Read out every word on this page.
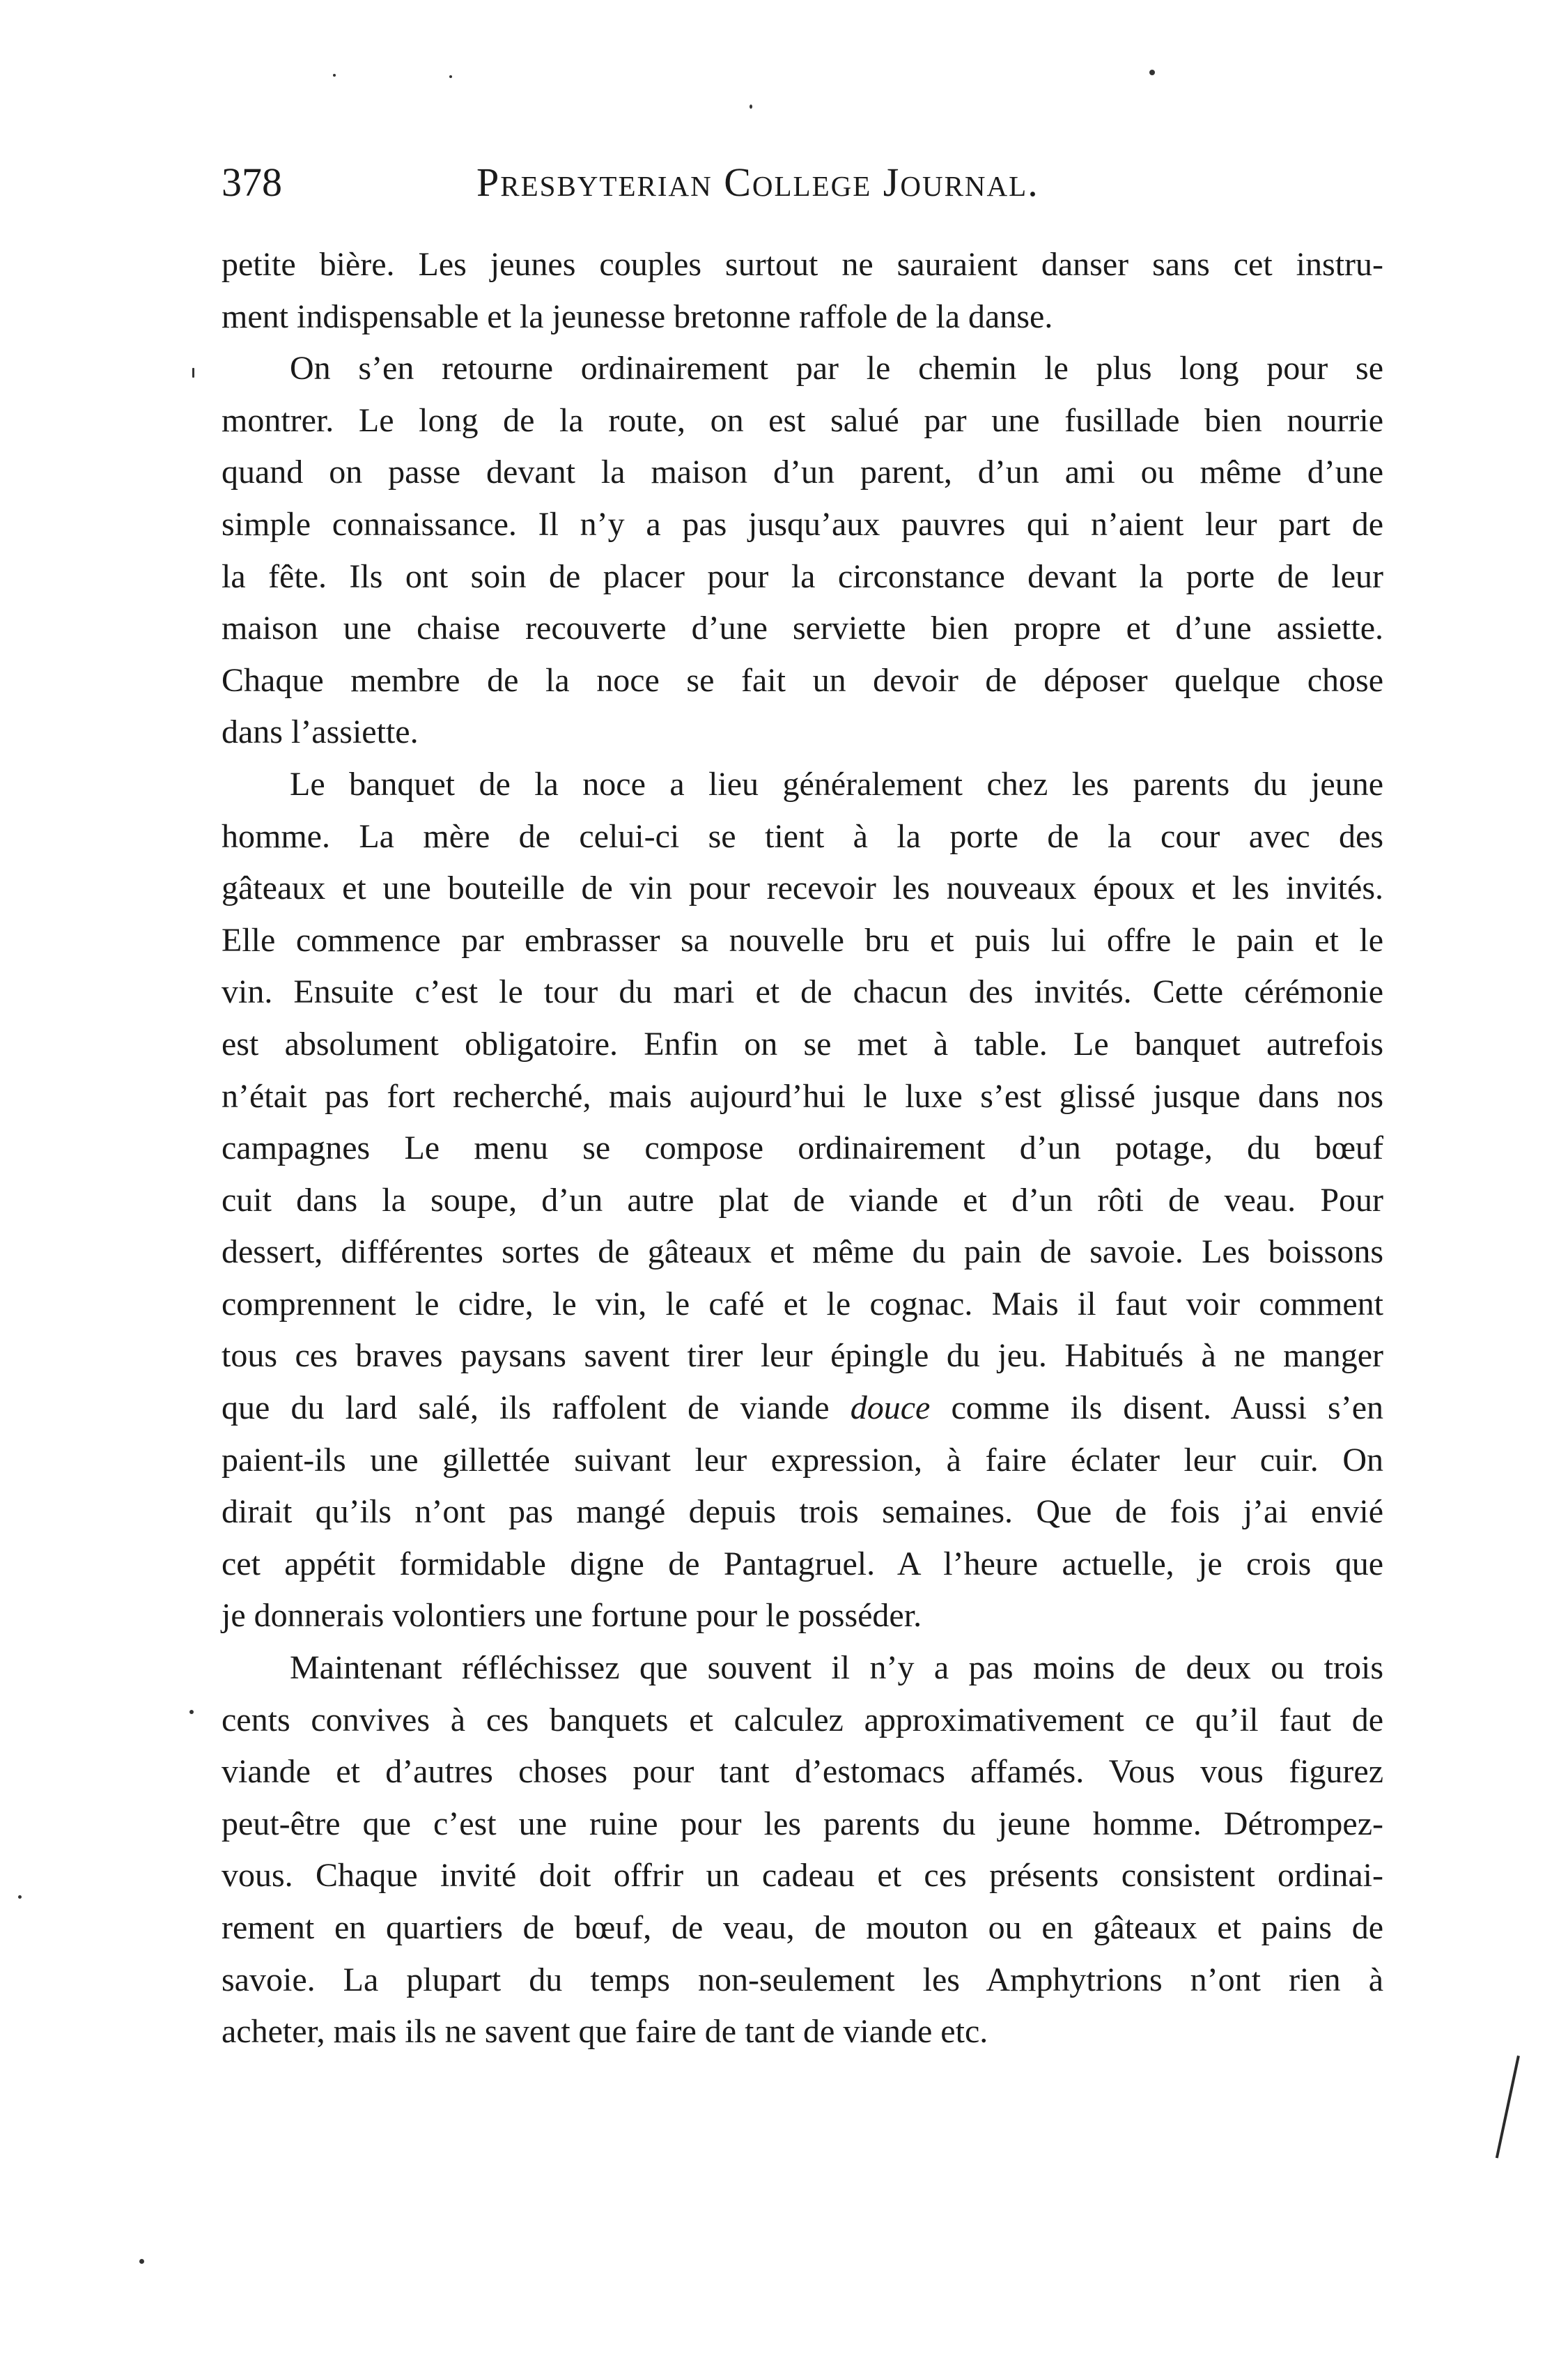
378	Presbyterian College Journal.
petite bière. Les jeunes couples surtout ne sauraient danser sans cet instru-
ment indispensable et la jeunesse bretonne raffole de la danse.
On s’en retourne ordinairement par le chemin le plus long pour se
montrer. Le long de la route, on est salué par une fusillade bien nourrie
quand on passe devant la maison d’un parent, d’un ami ou même d’une
simple connaissance. Il n’y a pas jusqu’aux pauvres qui n’aient leur part de
la fête. Ils ont soin de placer pour la circonstance devant la porte de leur
maison une chaise recouverte d’une serviette bien propre et d’une assiette.
Chaque membre de la noce se fait un devoir de déposer quelque chose
dans l’assiette.
Le banquet de la noce a lieu généralement chez les parents du jeune
homme. La mère de celui-ci se tient à la porte de la cour avec des
gâteaux et une bouteille de vin pour recevoir les nouveaux époux et les invités.
Elle commence par embrasser sa nouvelle bru et puis lui offre le pain et le
vin. Ensuite c’est le tour du mari et de chacun des invités. Cette cérémonie
est absolument obligatoire. Enfin on se met à table. Le banquet autrefois
n’était pas fort recherché, mais aujourd’hui le luxe s’est glissé jusque dans nos
campagnes Le menu se compose ordinairement d’un potage, du bœuf
cuit dans la soupe, d’un autre plat de viande et d’un rôti de veau. Pour
dessert, différentes sortes de gâteaux et même du pain de savoie. Les boissons
comprennent le cidre, le vin, le café et le cognac. Mais il faut voir comment
tous ces braves paysans savent tirer leur épingle du jeu. Habitués à ne manger
que du lard salé, ils raffolent de viande douce comme ils disent. Aussi s’en
paient-ils une gillettée suivant leur expression, à faire éclater leur cuir. On
dirait qu’ils n’ont pas mangé depuis trois semaines. Que de fois j’ai envié
cet appétit formidable digne de Pantagruel. A l’heure actuelle, je crois que
je donnerais volontiers une fortune pour le posséder.
Maintenant réfléchissez que souvent il n’y a pas moins de deux ou trois
cents convives à ces banquets et calculez approximativement ce qu’il faut de
viande et d’autres choses pour tant d’estomacs affamés. Vous vous figurez
peut-être que c’est une ruine pour les parents du jeune homme. Détrompez-
vous. Chaque invité doit offrir un cadeau et ces présents consistent ordinai-
rement en quartiers de bœuf, de veau, de mouton ou en gâteaux et pains de
savoie. La plupart du temps non-seulement les Amphytrions n’ont rien à
acheter, mais ils ne savent que faire de tant de viande etc.
